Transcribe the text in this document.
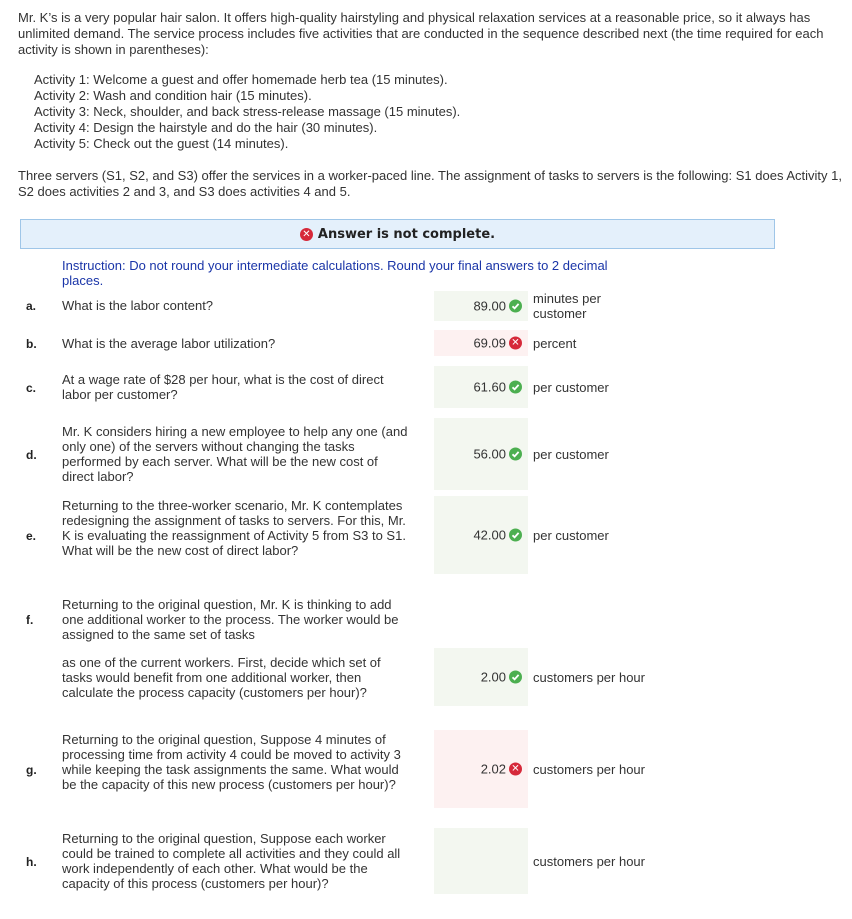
Mr. K’s is a very popular hair salon. It offers high-quality hairstyling and physical relaxation services at a reasonable price, so it always has unlimited demand. The service process includes five activities that are conducted in the sequence described next (the time required for each activity is shown in parentheses):
Activity 1: Welcome a guest and offer homemade herb tea (15 minutes).
Activity 2: Wash and condition hair (15 minutes).
Activity 3: Neck, shoulder, and back stress-release massage (15 minutes).
Activity 4: Design the hairstyle and do the hair (30 minutes).
Activity 5: Check out the guest (14 minutes).
Three servers (S1, S2, and S3) offer the services in a worker-paced line. The assignment of tasks to servers is the following: S1 does Activity 1, S2 does activities 2 and 3, and S3 does activities 4 and 5.
✕ Answer is not complete.
Instruction: Do not round your intermediate calculations. Round your final answers to 2 decimal places.
a. What is the labor content?	89.00 minutes per customer
b. What is the average labor utilization?	69.09 ✕ percent
c.
At a wage rate of $28 per hour, what is the cost of direct labor per customer?	61.60 per customer
d.
Mr. K considers hiring a new employee to help any one (and only one) of the servers without changing the tasks performed by each server. What will be the new cost of direct labor?
56.00 per customer
e.
Returning to the three-worker scenario, Mr. K contemplates redesigning the assignment of tasks to servers. For this, Mr. K is evaluating the reassignment of Activity 5 from S3 to S1. What will be the new cost of direct labor?
42.00 per customer
f.
Returning to the original question, Mr. K is thinking to add one additional worker to the process. The worker would be assigned to the same set of tasks
as one of the current workers. First, decide which set of tasks would benefit from one additional worker, then calculate the process capacity (customers per hour)?
2.00 customers per hour
g.
Returning to the original question, Suppose 4 minutes of processing time from activity 4 could be moved to activity 3 while keeping the task assignments the same. What would be the capacity of this new process (customers per hour)?
2.02 ✕ customers per hour
h.
Returning to the original question, Suppose each worker could be trained to complete all activities and they could all work independently of each other. What would be the capacity of this process (customers per hour)?
customers per hour
